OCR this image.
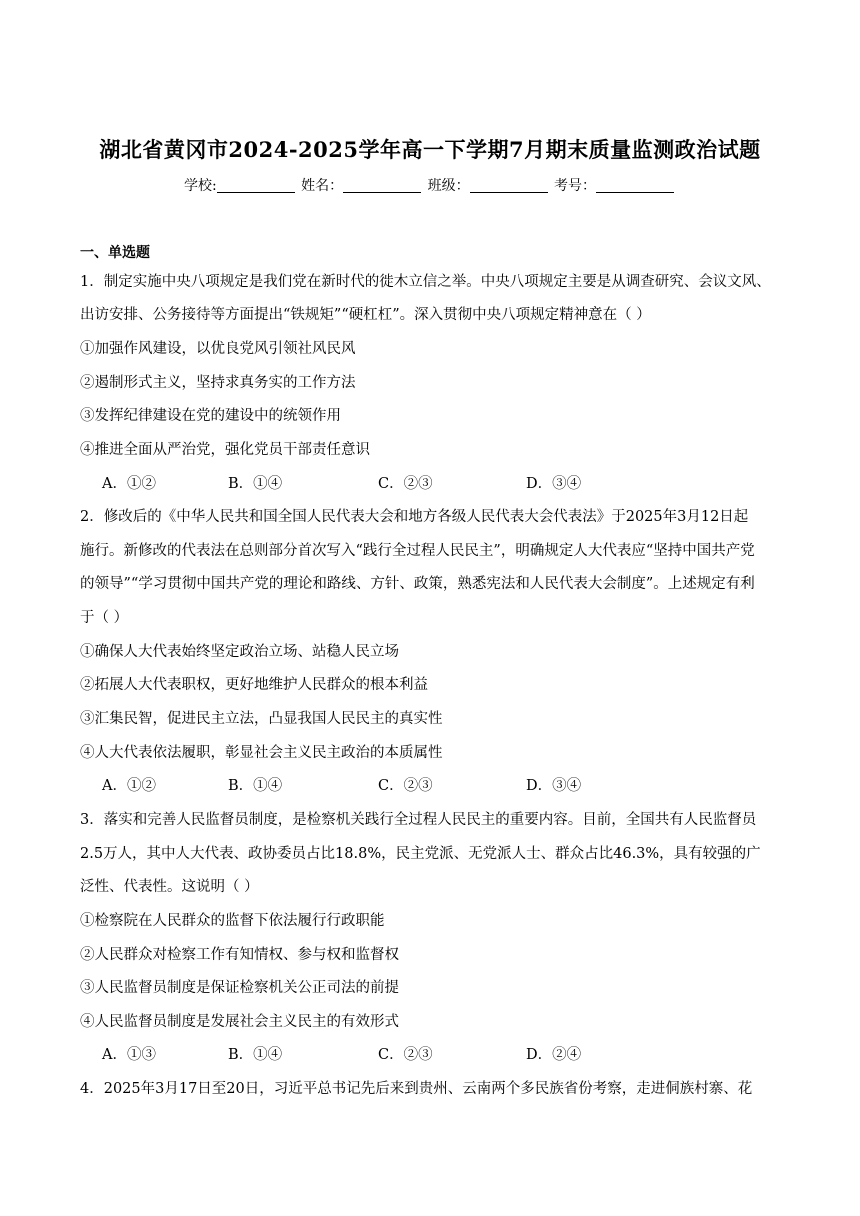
湖北省黄冈市2024-2025学年高一下学期7月期末质量监测政治试题
学校:	姓名：	班级：	考号：
一、单选题
1．制定实施中央八项规定是我们党在新时代的徙木立信之举。中央八项规定主要是从调查研究、会议文风、
出访安排、公务接待等方面提出“铁规矩”“硬杠杠”。深入贯彻中央八项规定精神意在（ ）
①加强作风建设，以优良党风引领社风民风
②遏制形式主义，坚持求真务实的工作方法
③发挥纪律建设在党的建设中的统领作用
④推进全面从严治党，强化党员干部责任意识
A．①②	B．①④	C．②③	D．③④
2．修改后的《中华人民共和国全国人民代表大会和地方各级人民代表大会代表法》于2025年3月12日起
施行。新修改的代表法在总则部分首次写入“践行全过程人民民主”，明确规定人大代表应“坚持中国共产党
的领导”“学习贯彻中国共产党的理论和路线、方针、政策，熟悉宪法和人民代表大会制度”。上述规定有利
于（ ）
①确保人大代表始终坚定政治立场、站稳人民立场
②拓展人大代表职权，更好地维护人民群众的根本利益
③汇集民智，促进民主立法，凸显我国人民民主的真实性
④人大代表依法履职，彰显社会主义民主政治的本质属性
A．①②	B．①④	C．②③	D．③④
3．落实和完善人民监督员制度，是检察机关践行全过程人民民主的重要内容。目前，全国共有人民监督员
2.5万人，其中人大代表、政协委员占比18.8%，民主党派、无党派人士、群众占比46.3%，具有较强的广
泛性、代表性。这说明（ ）
①检察院在人民群众的监督下依法履行行政职能
②人民群众对检察工作有知情权、参与权和监督权
③人民监督员制度是保证检察机关公正司法的前提
④人民监督员制度是发展社会主义民主的有效形式
A．①③	B．①④	C．②③	D．②④
4．2025年3月17日至20日，习近平总书记先后来到贵州、云南两个多民族省份考察，走进侗族村寨、花
